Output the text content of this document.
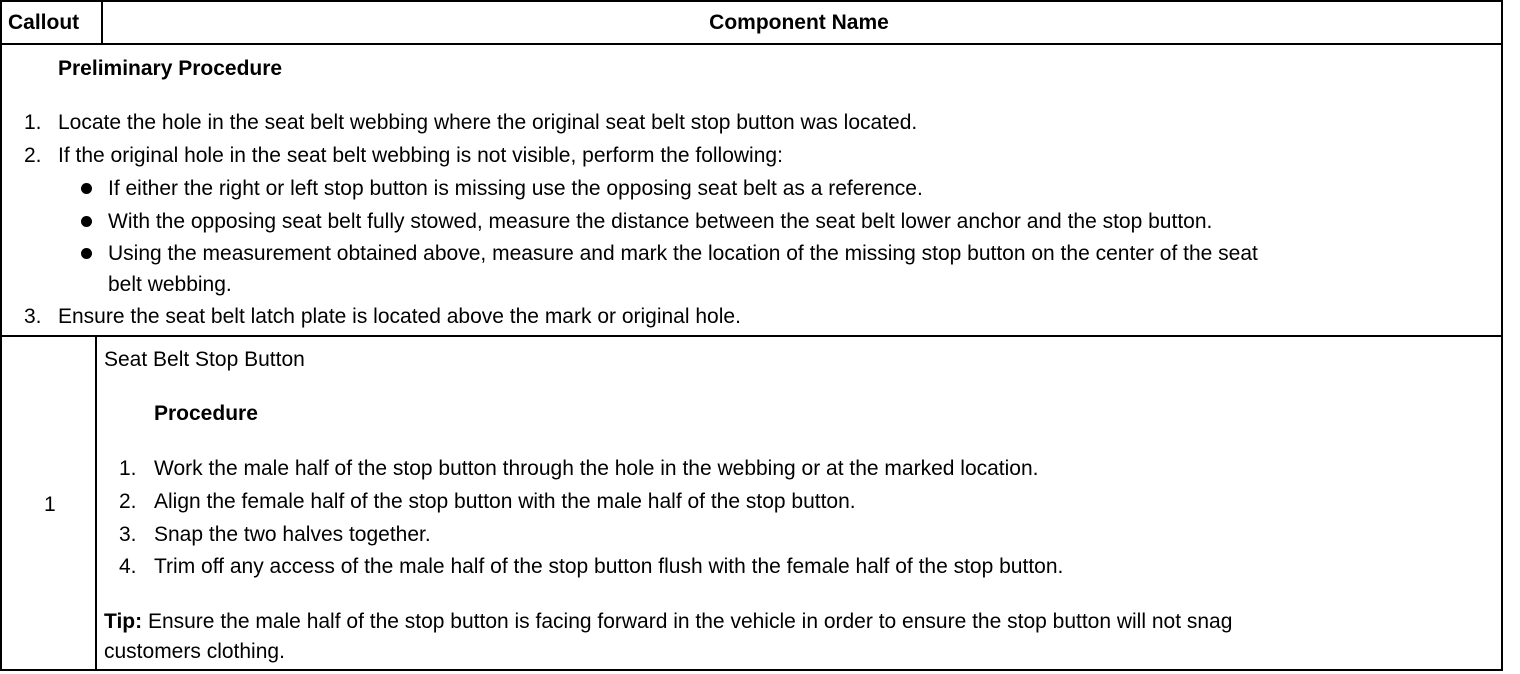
Callout	Component Name
Preliminary Procedure
1. Locate the hole in the seat belt webbing where the original seat belt stop button was located.
2. If the original hole in the seat belt webbing is not visible, perform the following:
If either the right or left stop button is missing use the opposing seat belt as a reference.
With the opposing seat belt fully stowed, measure the distance between the seat belt lower anchor and the stop button.
Using the measurement obtained above, measure and mark the location of the missing stop button on the center of the seat
belt webbing.
3. Ensure the seat belt latch plate is located above the mark or original hole.
1
Seat Belt Stop Button
Procedure
1. Work the male half of the stop button through the hole in the webbing or at the marked location.
2. Align the female half of the stop button with the male half of the stop button.
3. Snap the two halves together.
4. Trim off any access of the male half of the stop button flush with the female half of the stop button.
Tip: Ensure the male half of the stop button is facing forward in the vehicle in order to ensure the stop button will not snag
customers clothing.
